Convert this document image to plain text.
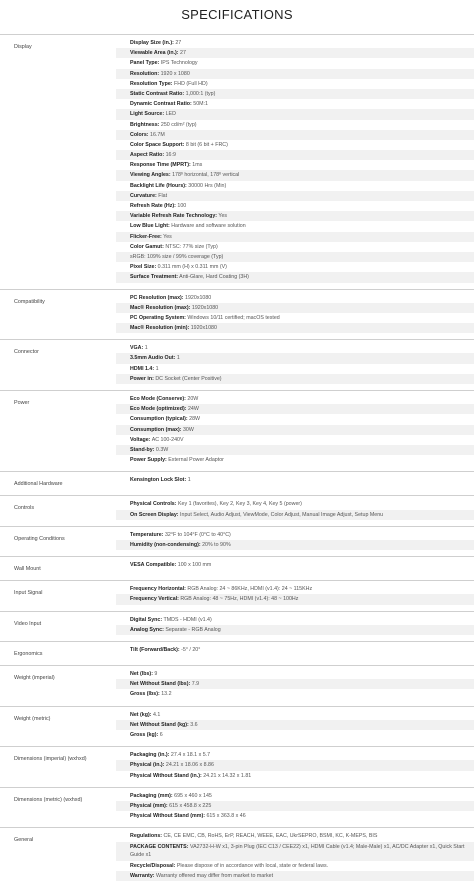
SPECIFICATIONS
Display
Display Size (in.): 27
Viewable Area (in.): 27
Panel Type: IPS Technology
Resolution: 1920 x 1080
Resolution Type: FHD (Full HD)
Static Contrast Ratio: 1,000:1 (typ)
Dynamic Contrast Ratio: 50M:1
Light Source: LED
Brightness: 250 cd/m² (typ)
Colors: 16.7M
Color Space Support: 8 bit (6 bit + FRC)
Aspect Ratio: 16:9
Response Time (MPRT): 1ms
Viewing Angles: 178º horizontal, 178º vertical
Backlight Life (Hours): 30000 Hrs (Min)
Curvature: Flat
Refresh Rate (Hz): 100
Variable Refresh Rate Technology: Yes
Low Blue Light: Hardware and software solution
Flicker-Free: Yes
Color Gamut: NTSC: 77% size (Typ)
sRGB: 109% size / 99% coverage (Typ)
Pixel Size: 0.311 mm (H) x 0.311 mm (V)
Surface Treatment: Anti-Glare, Hard Coating (3H)
Compatibility
PC Resolution (max): 1920x1080
Mac® Resolution (max): 1920x1080
PC Operating System: Windows 10/11 certified; macOS tested
Mac® Resolution (min): 1920x1080
Connector
VGA: 1
3.5mm Audio Out: 1
HDMI 1.4: 1
Power in: DC Socket (Center Positive)
Power
Eco Mode (Conserve): 20W
Eco Mode (optimized): 24W
Consumption (typical): 28W
Consumption (max): 30W
Voltage: AC 100-240V
Stand-by: 0.3W
Power Supply: External Power Adaptor
Additional Hardware
Kensington Lock Slot: 1
Controls
Physical Controls: Key 1 (favorites), Key 2, Key 3, Key 4, Key 5 (power)
On Screen Display: Input Select, Audio Adjust, ViewMode, Color Adjust, Manual Image Adjust, Setup Menu
Operating Conditions
Temperature: 32°F to 104°F (0°C to 40°C)
Humidity (non-condensing): 20% to 90%
Wall Mount
VESA Compatible: 100 x 100 mm
Input Signal
Frequency Horizontal: RGB Analog: 24 ~ 86KHz, HDMI (v1.4): 24 ~ 115KHz
Frequency Vertical: RGB Analog: 48 ~ 75Hz, HDMI (v1.4): 48 ~ 100Hz
Video Input
Digital Sync: TMDS - HDMI (v1.4)
Analog Sync: Separate - RGB Analog
Ergonomics
Tilt (Forward/Back): -5° / 20°
Weight (imperial)
Net (lbs): 9
Net Without Stand (lbs): 7.9
Gross (lbs): 13.2
Weight (metric)
Net (kg): 4.1
Net Without Stand (kg): 3.6
Gross (kg): 6
Dimensions (imperial) (wxhxd)
Packaging (in.): 27.4 x 18.1 x 5.7
Physical (in.): 24.21 x 18.06 x 8.86
Physical Without Stand (in.): 24.21 x 14.32 x 1.81
Dimensions (metric) (wxhxd)
Packaging (mm): 695 x 460 x 145
Physical (mm): 615 x 458.8 x 225
Physical Without Stand (mm): 615 x 363.8 x 46
General
Regulations: CE, CE EMC, CB, RoHS, ErP, REACH, WEEE, EAC, UkrSEPRO, BSMI, KC, K-MEPS, BIS
PACKAGE CONTENTS: VA2732-H-W x1, 3-pin Plug (IEC C13 / CEE22) x1, HDMI Cable (v1.4; Male-Male) x1, AC/DC Adapter x1, Quick Start Guide x1
Recycle/Disposal: Please dispose of in accordance with local, state or federal laws.
Warranty: Warranty offered may differ from market to market
